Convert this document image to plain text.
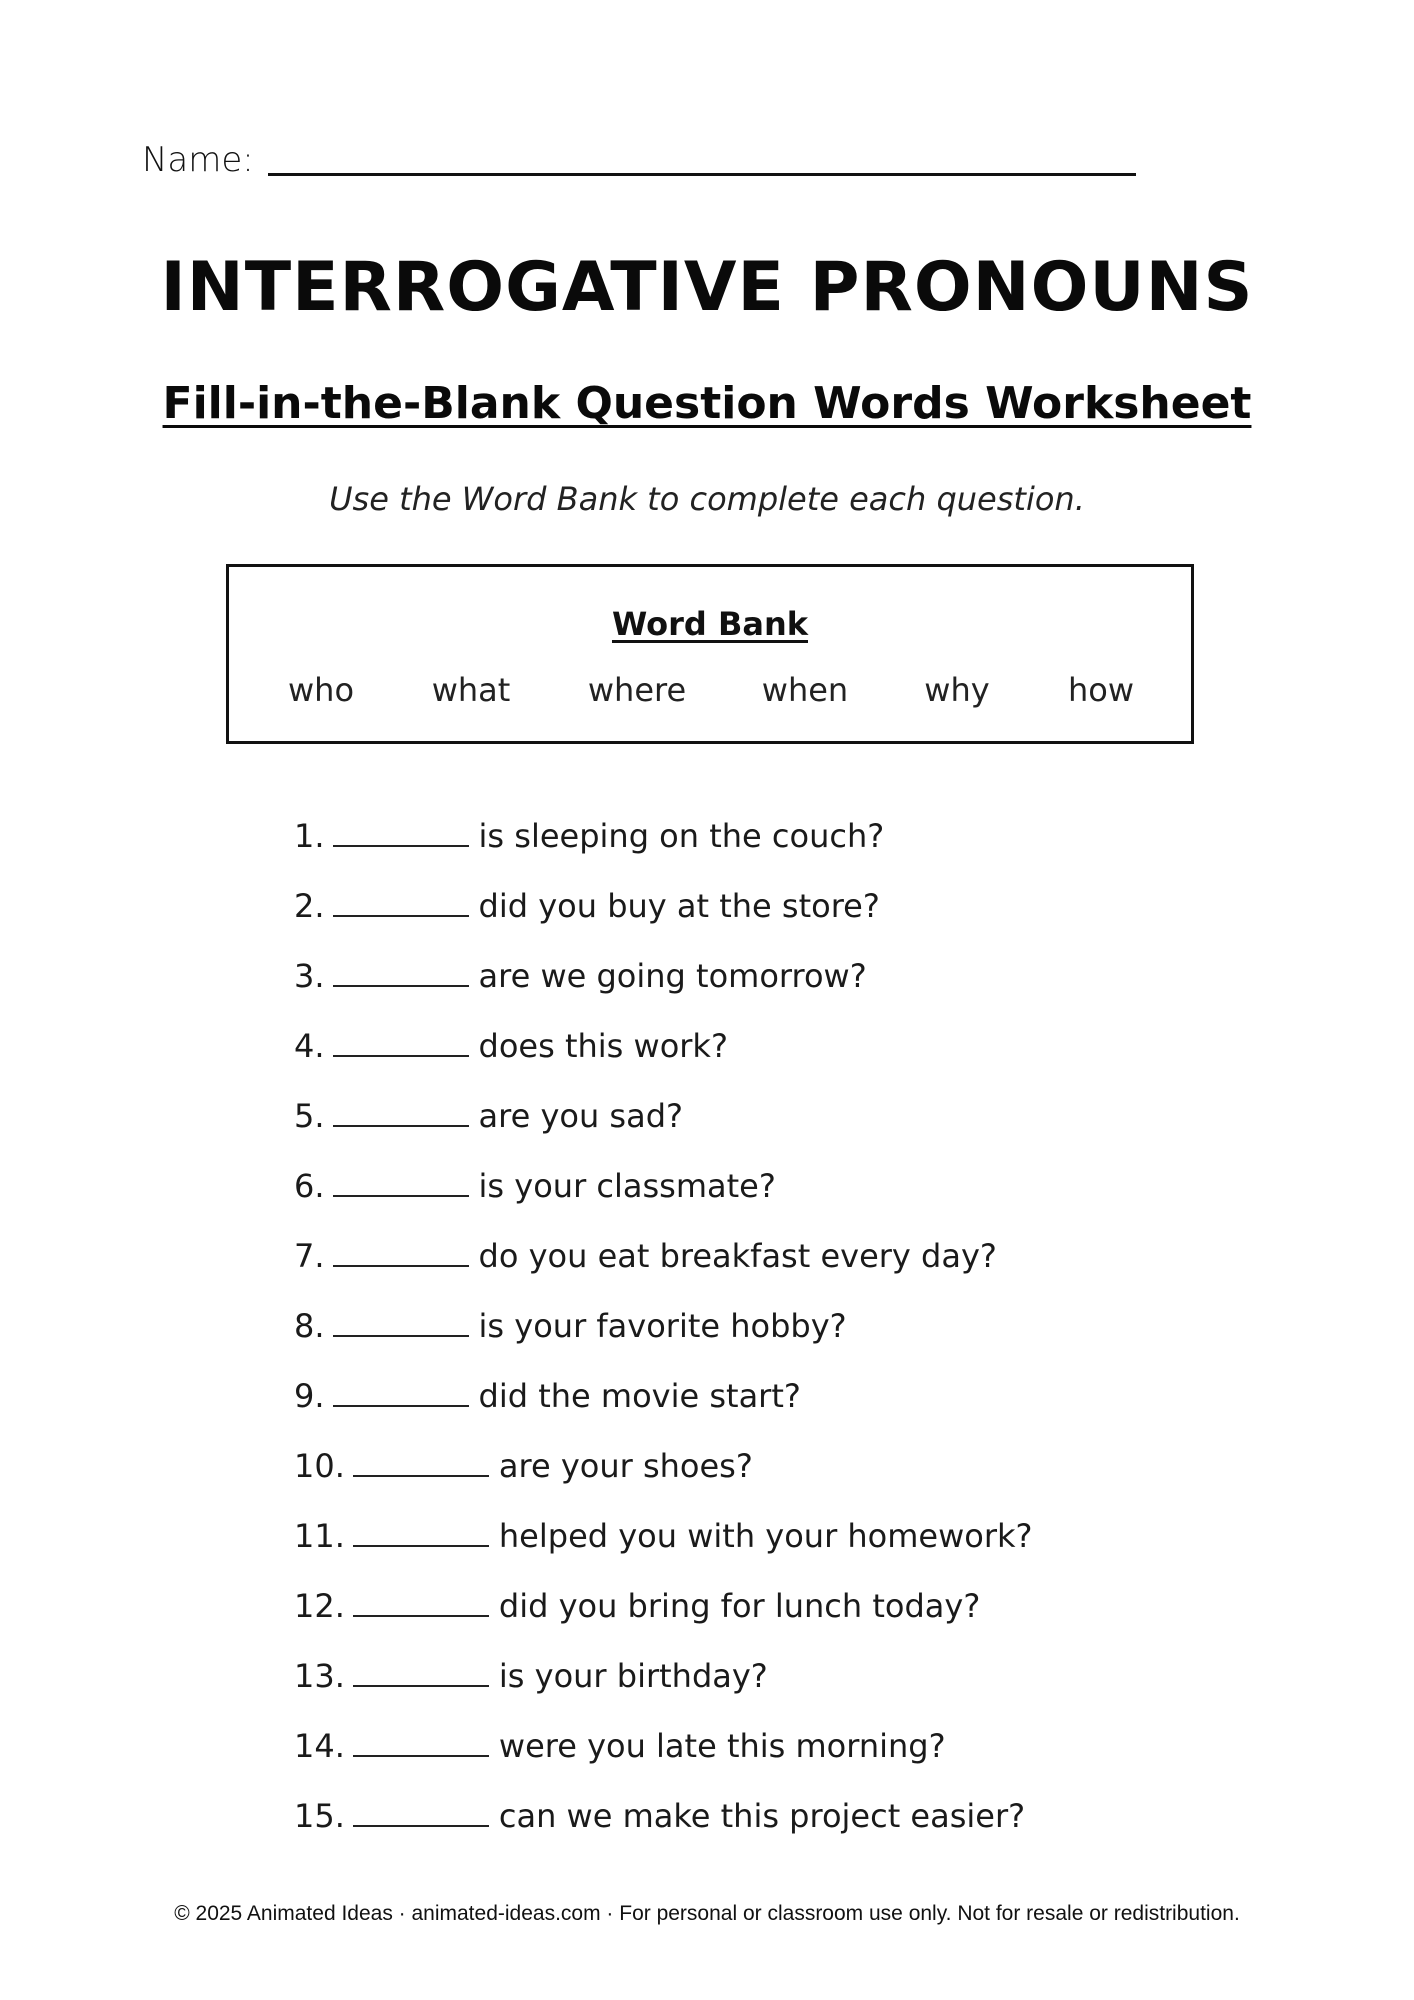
Name:
INTERROGATIVE PRONOUNS
Fill-in-the-Blank Question Words Worksheet

Use the Word Bank to complete each question.

Word Bank
who what where when why how
1.	is sleeping on the couch?
2.	did you buy at the store?
3.	are we going tomorrow?
4.	does this work?
5.	are you sad?
6.	is your classmate?
7.	do you eat breakfast every day?
8.	is your favorite hobby?
9.	did the movie start?
10.	are your shoes?
11.	helped you with your homework?
12.	did you bring for lunch today?
13.	is your birthday?
14.	were you late this morning?
15.	can we make this project easier?
© 2025 Animated Ideas · animated-ideas.com · For personal or classroom use only. Not for resale or redistribution.
